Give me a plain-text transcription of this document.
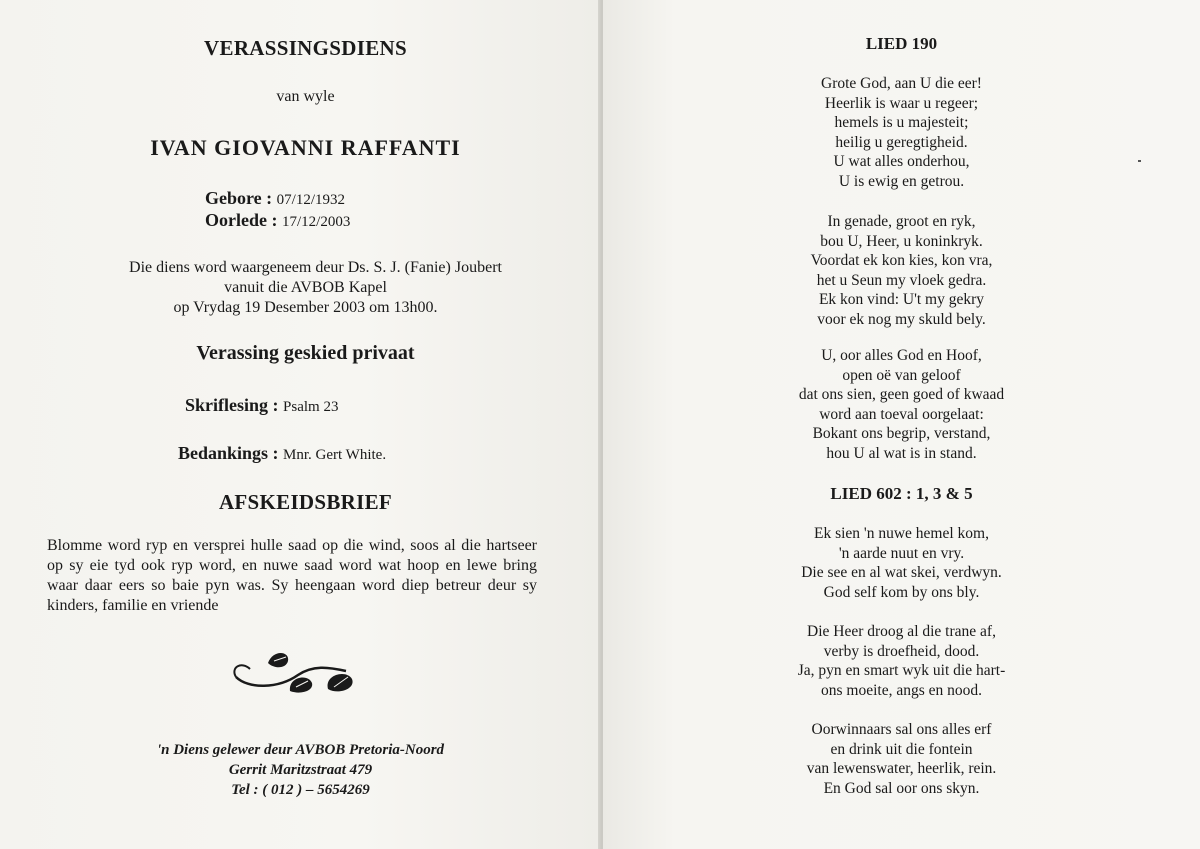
VERASSINGSDIENS
van wyle
IVAN GIOVANNI RAFFANTI
Gebore : 07/12/1932
Oorlede : 17/12/2003
Die diens word waargeneem deur Ds. S. J. (Fanie) Joubert
vanuit die AVBOB Kapel
op Vrydag 19 Desember 2003 om 13h00.
Verassing geskied privaat
Skriflesing : Psalm 23
Bedankings : Mnr. Gert White.
AFSKEIDSBRIEF
Blomme word ryp en versprei hulle saad op die wind, soos al die hartseer op sy eie tyd ook ryp word, en nuwe saad word wat hoop en lewe bring waar daar eers so baie pyn was. Sy heengaan word diep betreur deur sy kinders, familie en vriende
'n Diens gelewer deur AVBOB Pretoria-Noord
Gerrit Maritzstraat 479
Tel : ( 012 ) – 5654269
LIED 190
Grote God, aan U die eer!
Heerlik is waar u regeer;
hemels is u majesteit;
heilig u geregtigheid.
U wat alles onderhou,
U is ewig en getrou.
In genade, groot en ryk,
bou U, Heer, u koninkryk.
Voordat ek kon kies, kon vra,
het u Seun my vloek gedra.
Ek kon vind: U't my gekry
voor ek nog my skuld bely.
U, oor alles God en Hoof,
open oë van geloof
dat ons sien, geen goed of kwaad
word aan toeval oorgelaat:
Bokant ons begrip, verstand,
hou U al wat is in stand.
LIED 602 : 1, 3 & 5
Ek sien 'n nuwe hemel kom,
'n aarde nuut en vry.
Die see en al wat skei, verdwyn.
God self kom by ons bly.
Die Heer droog al die trane af,
verby is droefheid, dood.
Ja, pyn en smart wyk uit die hart-
ons moeite, angs en nood.
Oorwinnaars sal ons alles erf
en drink uit die fontein
van lewenswater, heerlik, rein.
En God sal oor ons skyn.
